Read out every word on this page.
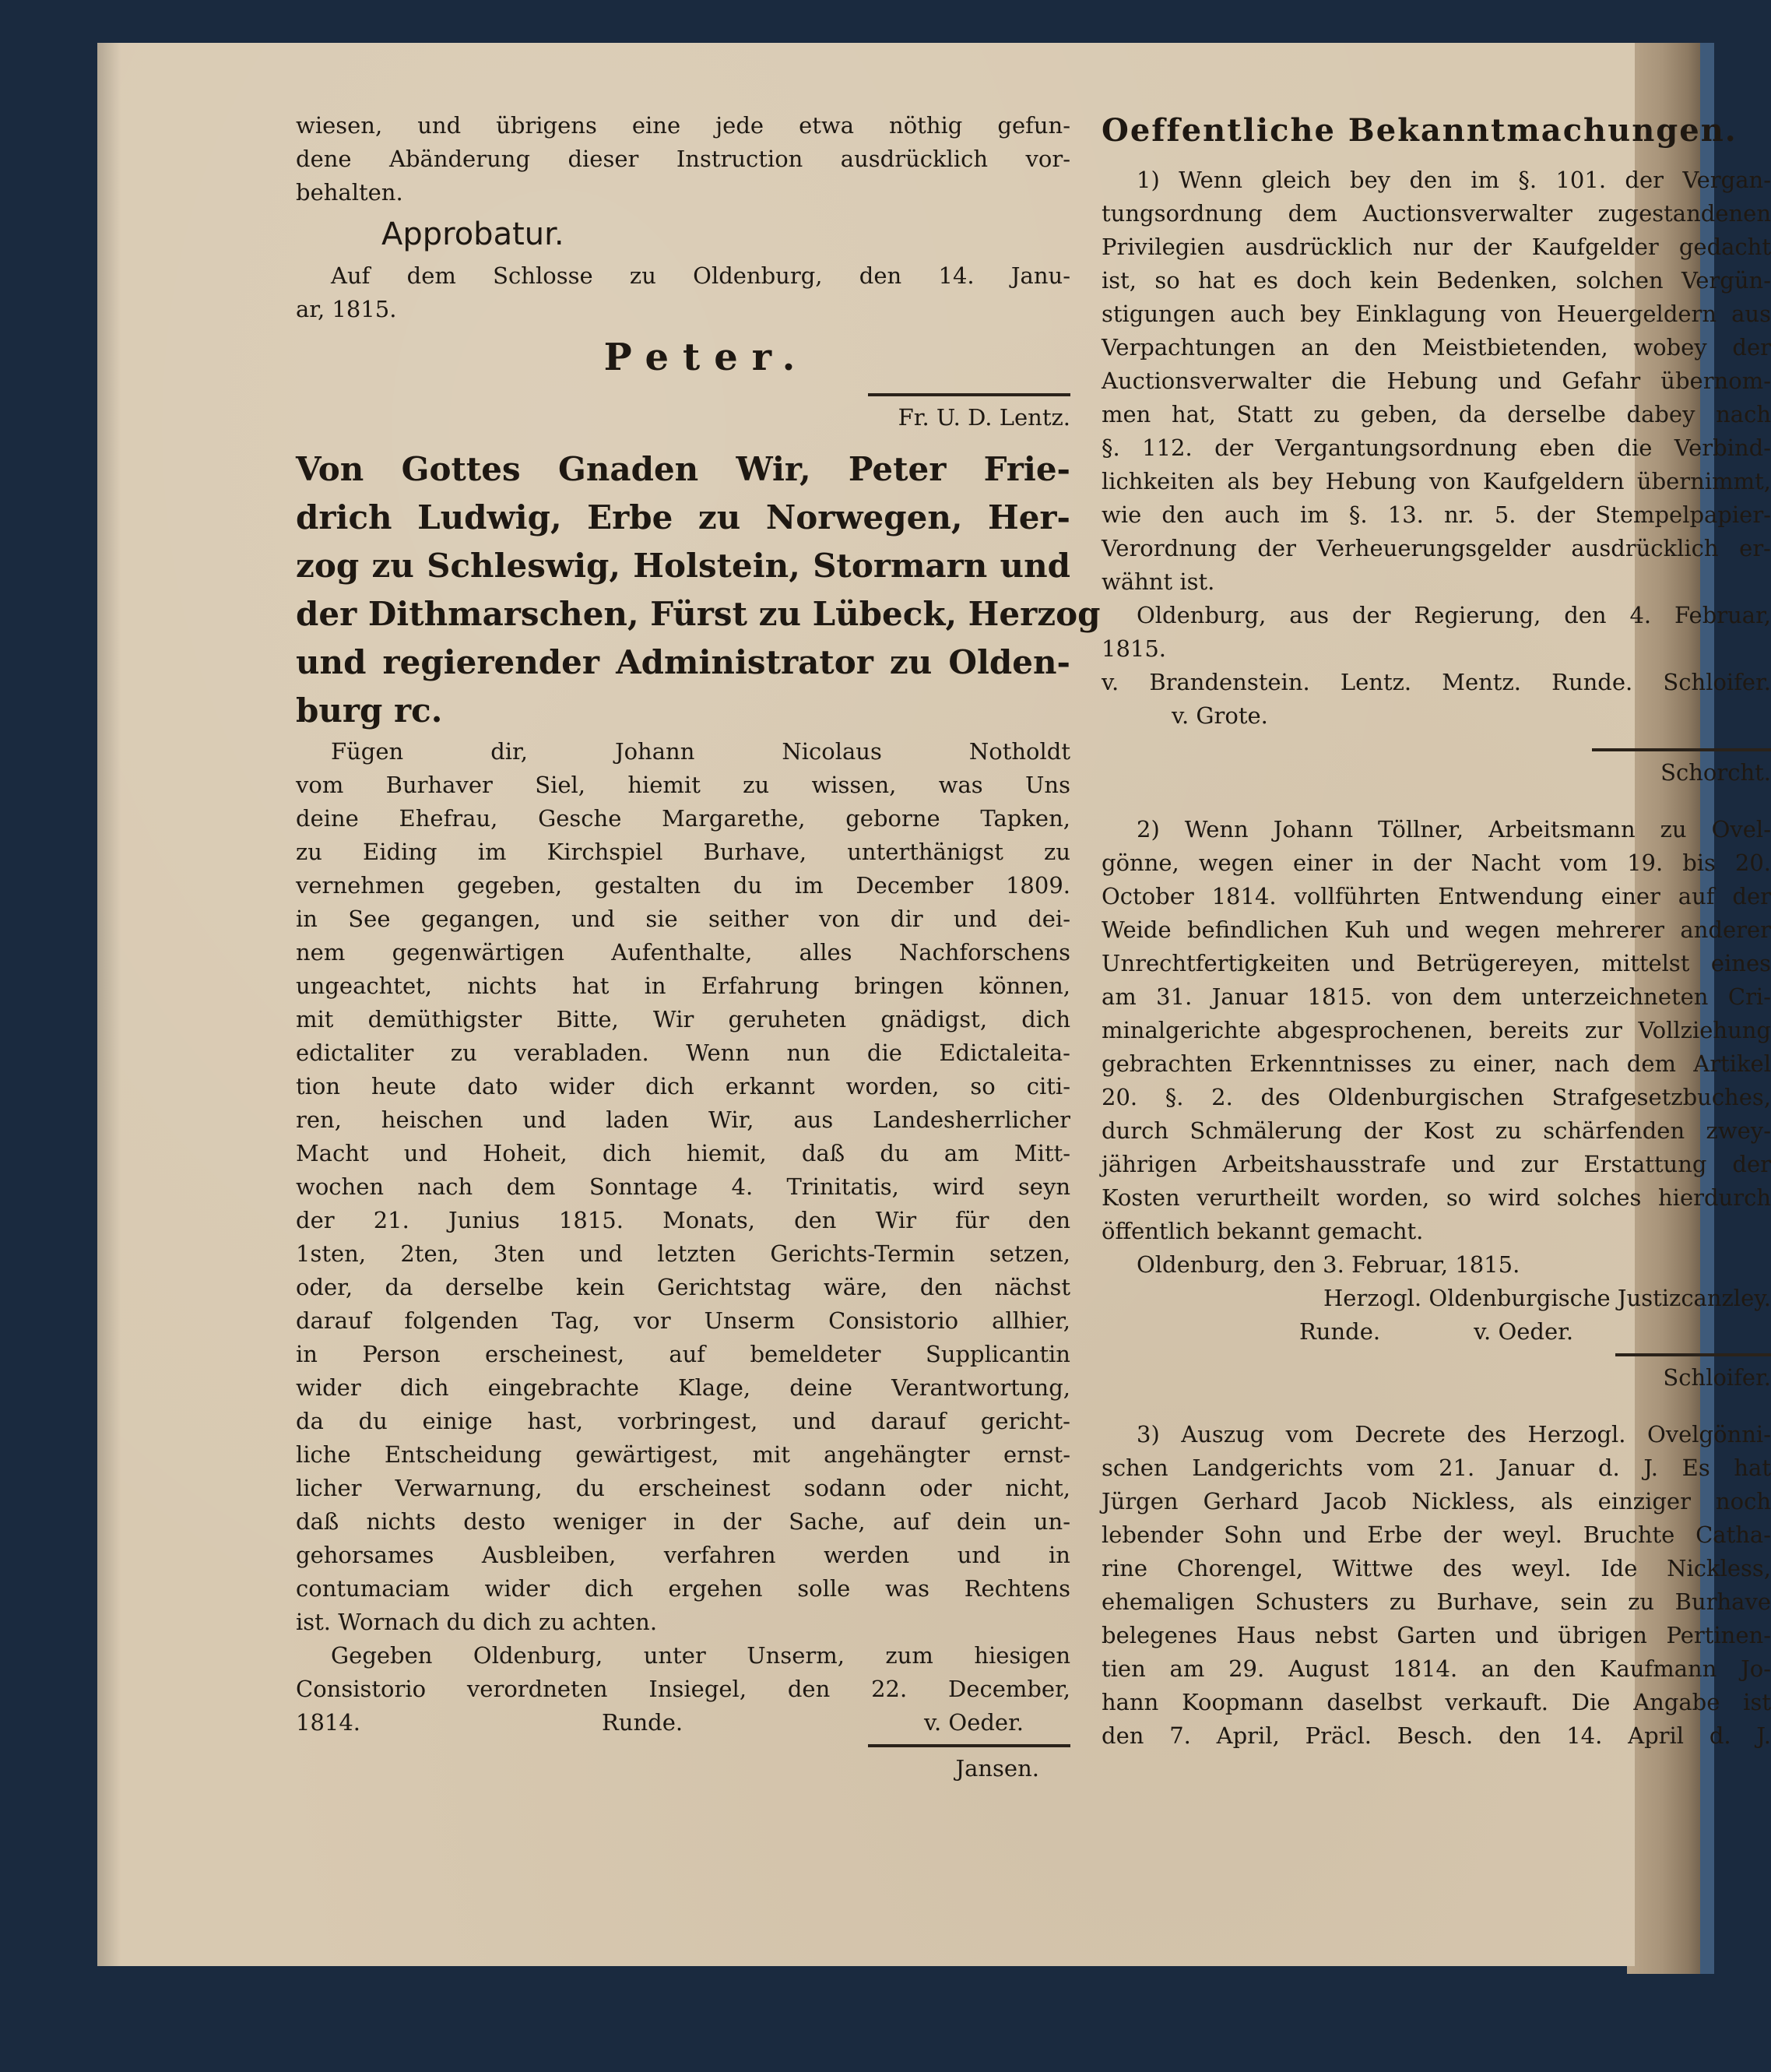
wiesen, und übrigens eine jede etwa nöthig gefun-
dene Abänderung dieser Instruction ausdrücklich vor-
behalten.
Approbatur.
Auf dem Schlosse zu Oldenburg, den 14. Janu-
ar, 1815.
Peter.
Fr. U. D. Lentz.
Von Gottes Gnaden Wir, Peter Frie-
drich Ludwig, Erbe zu Norwegen, Her-
zog zu Schleswig, Holstein, Stormarn und
der Dithmarschen, Fürst zu Lübeck, Herzog
und regierender Administrator zu Olden-
burg rc.
Fügen dir, Johann Nicolaus Notholdt
vom Burhaver Siel, hiemit zu wissen, was Uns
deine Ehefrau, Gesche Margarethe, geborne Tapken,
zu Eiding im Kirchspiel Burhave, unterthänigst zu
vernehmen gegeben, gestalten du im December 1809.
in See gegangen, und sie seither von dir und dei-
nem gegenwärtigen Aufenthalte, alles Nachforschens
ungeachtet, nichts hat in Erfahrung bringen können,
mit demüthigster Bitte, Wir geruheten gnädigst, dich
edictaliter zu verabladen. Wenn nun die Edictaleita-
tion heute dato wider dich erkannt worden, so citi-
ren, heischen und laden Wir, aus Landesherrlicher
Macht und Hoheit, dich hiemit, daß du am Mitt-
wochen nach dem Sonntage 4. Trinitatis, wird seyn
der 21. Junius 1815. Monats, den Wir für den
1sten, 2ten, 3ten und letzten Gerichts-Termin setzen,
oder, da derselbe kein Gerichtstag wäre, den nächst
darauf folgenden Tag, vor Unserm Consistorio allhier,
in Person erscheinest, auf bemeldeter Supplicantin
wider dich eingebrachte Klage, deine Verantwortung,
da du einige hast, vorbringest, und darauf gericht-
liche Entscheidung gewärtigest, mit angehängter ernst-
licher Verwarnung, du erscheinest sodann oder nicht,
daß nichts desto weniger in der Sache, auf dein un-
gehorsames Ausbleiben, verfahren werden und in
contumaciam wider dich ergehen solle was Rechtens
ist. Wornach du dich zu achten.
Gegeben Oldenburg, unter Unserm, zum hiesigen
Consistorio verordneten Insiegel, den 22. December,
1814.	Runde.	v. Oeder.
Jansen.
Oeffentliche Bekanntmachungen.
1) Wenn gleich bey den im §. 101. der Vergan-
tungsordnung dem Auctionsverwalter zugestandenen
Privilegien ausdrücklich nur der Kaufgelder gedacht
ist, so hat es doch kein Bedenken, solchen Vergün-
stigungen auch bey Einklagung von Heuergeldern aus
Verpachtungen an den Meistbietenden, wobey der
Auctionsverwalter die Hebung und Gefahr übernom-
men hat, Statt zu geben, da derselbe dabey nach
§. 112. der Vergantungsordnung eben die Verbind-
lichkeiten als bey Hebung von Kaufgeldern übernimmt,
wie den auch im §. 13. nr. 5. der Stempelpapier-
Verordnung der Verheuerungsgelder ausdrücklich er-
wähnt ist.
Oldenburg, aus der Regierung, den 4. Februar,
1815.
v. Brandenstein. Lentz. Mentz. Runde. Schloifer.
v. Grote.
Schorcht.
2) Wenn Johann Töllner, Arbeitsmann zu Ovel-
gönne, wegen einer in der Nacht vom 19. bis 20.
October 1814. vollführten Entwendung einer auf der
Weide befindlichen Kuh und wegen mehrerer anderer
Unrechtfertigkeiten und Betrügereyen, mittelst eines
am 31. Januar 1815. von dem unterzeichneten Cri-
minalgerichte abgesprochenen, bereits zur Vollziehung
gebrachten Erkenntnisses zu einer, nach dem Artikel
20. §. 2. des Oldenburgischen Strafgesetzbuches,
durch Schmälerung der Kost zu schärfenden zwey-
jährigen Arbeitshausstrafe und zur Erstattung der
Kosten verurtheilt worden, so wird solches hierdurch
öffentlich bekannt gemacht.
Oldenburg, den 3. Februar, 1815.
Herzogl. Oldenburgische Justizcanzley.
Runde.	v. Oeder.
Schloifer.
3) Auszug vom Decrete des Herzogl. Ovelgönni-
schen Landgerichts vom 21. Januar d. J. Es hat
Jürgen Gerhard Jacob Nickless, als einziger noch
lebender Sohn und Erbe der weyl. Bruchte Catha-
rine Chorengel, Wittwe des weyl. Ide Nickless,
ehemaligen Schusters zu Burhave, sein zu Burhave
belegenes Haus nebst Garten und übrigen Pertinen-
tien am 29. August 1814. an den Kaufmann Jo-
hann Koopmann daselbst verkauft. Die Angabe ist
den 7. April, Präcl. Besch. den 14. April d. J.
